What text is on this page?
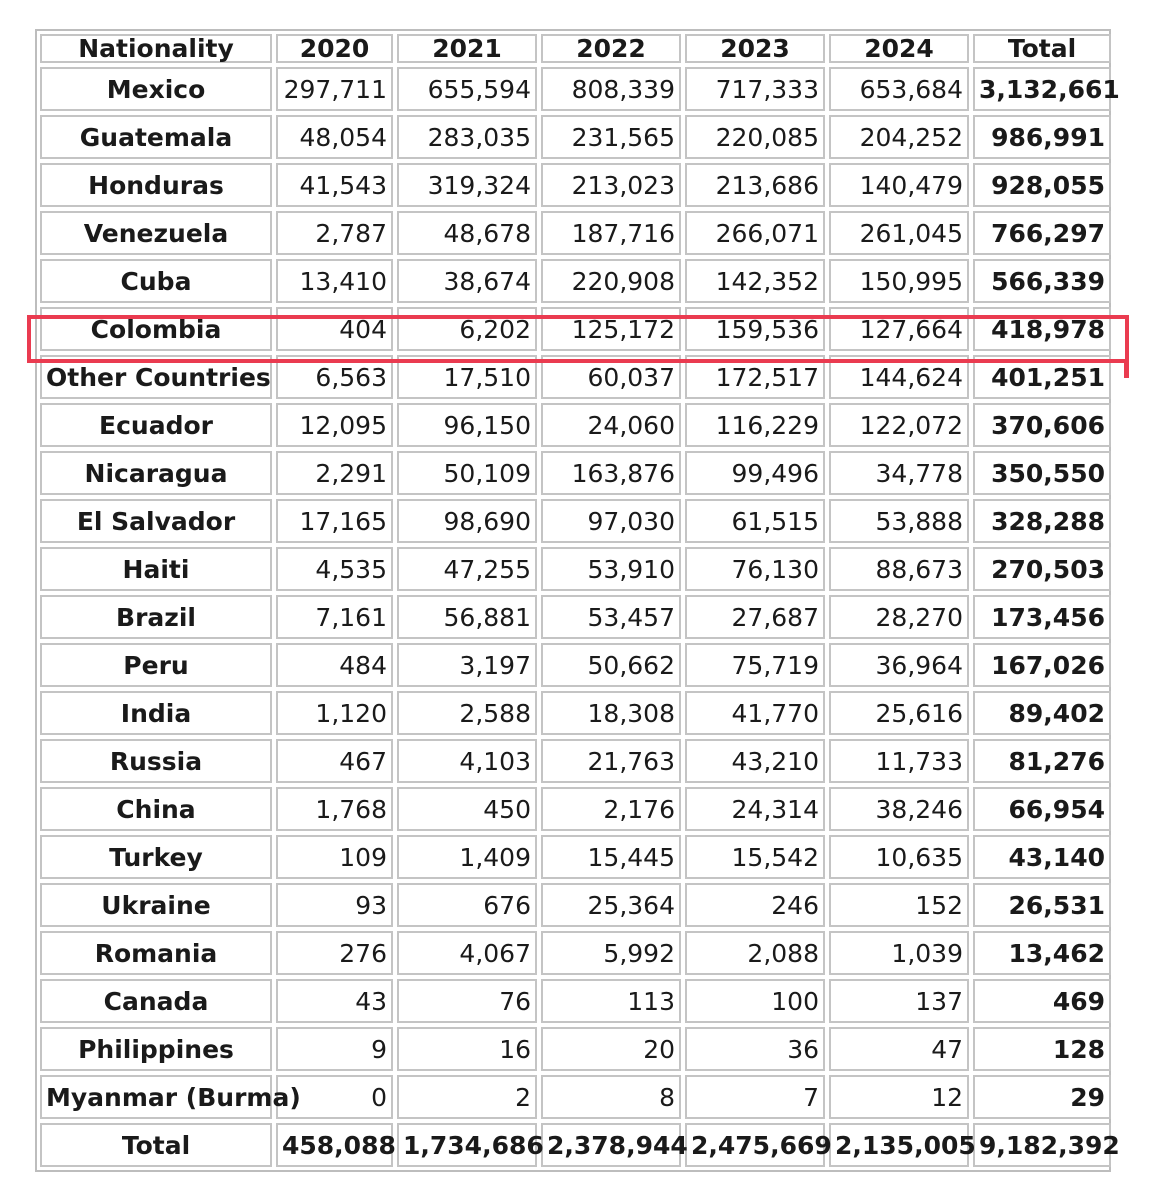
Nationality	2020	2021	2022	2023	2024	Total
Mexico	297,711	655,594	808,339	717,333	653,684	3,132,661
Guatemala	48,054	283,035	231,565	220,085	204,252	986,991
Honduras	41,543	319,324	213,023	213,686	140,479	928,055
Venezuela	2,787	48,678	187,716	266,071	261,045	766,297
Cuba	13,410	38,674	220,908	142,352	150,995	566,339
Colombia	404	6,202	125,172	159,536	127,664	418,978
Other Countries	6,563	17,510	60,037	172,517	144,624	401,251
Ecuador	12,095	96,150	24,060	116,229	122,072	370,606
Nicaragua	2,291	50,109	163,876	99,496	34,778	350,550
El Salvador	17,165	98,690	97,030	61,515	53,888	328,288
Haiti	4,535	47,255	53,910	76,130	88,673	270,503
Brazil	7,161	56,881	53,457	27,687	28,270	173,456
Peru	484	3,197	50,662	75,719	36,964	167,026
India	1,120	2,588	18,308	41,770	25,616	89,402
Russia	467	4,103	21,763	43,210	11,733	81,276
China	1,768	450	2,176	24,314	38,246	66,954
Turkey	109	1,409	15,445	15,542	10,635	43,140
Ukraine	93	676	25,364	246	152	26,531
Romania	276	4,067	5,992	2,088	1,039	13,462
Canada	43	76	113	100	137	469
Philippines	9	16	20	36	47	128
Myanmar (Burma)	0	2	8	7	12	29
Total	458,088	1,734,686	2,378,944	2,475,669	2,135,005	9,182,392
